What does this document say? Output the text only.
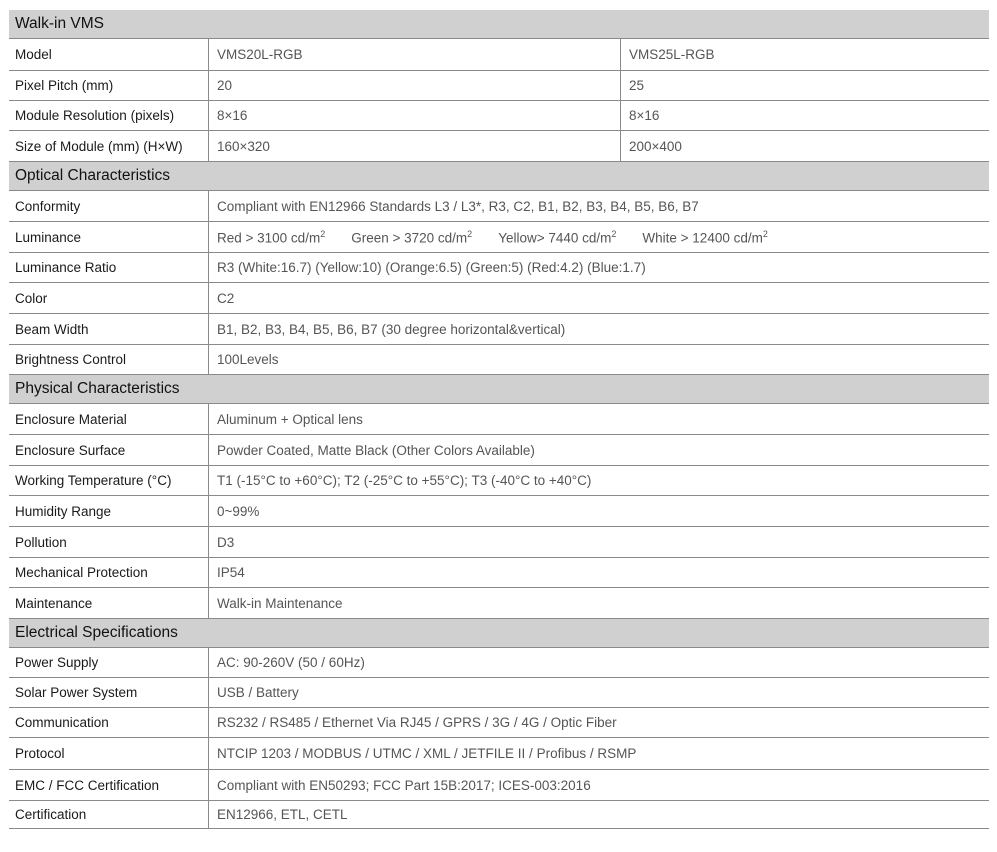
Walk-in VMS
Model	VMS20L-RGB	VMS25L-RGB
Pixel Pitch (mm)	20	25
Module Resolution (pixels)	8×16	8×16
Size of Module (mm) (H×W)	160×320	200×400
Optical Characteristics
Conformity	Compliant with EN12966 Standards L3 / L3*, R3, C2, B1, B2, B3, B4, B5, B6, B7
Luminance	Red > 3100 $cd/m^2$ Green > 3720 $cd/m^2$ Yellow> 7440 $cd/m^2$ White > 12400 $cd/m^2$
Luminance Ratio	R3 (White:16.7) (Yellow:10) (Orange:6.5) (Green:5) (Red:4.2) (Blue:1.7)
Color	C2
Beam Width	B1, B2, B3, B4, B5, B6, B7 (30 degree horizontal&vertical)
Brightness Control	100Levels
Physical Characteristics
Enclosure Material	Aluminum + Optical lens
Enclosure Surface	Powder Coated, Matte Black (Other Colors Available)
Working Temperature (°C)	T1 (-15°C to +60°C); T2 (-25°C to +55°C); T3 (-40°C to +40°C)
Humidity Range	0~99%
Pollution	D3
Mechanical Protection	IP54
Maintenance	Walk-in Maintenance
Electrical Specifications
Power Supply	AC: 90-260V (50 / 60Hz)
Solar Power System	USB / Battery
Communication	RS232 / RS485 / Ethernet Via RJ45 / GPRS / 3G / 4G / Optic Fiber
Protocol	NTCIP 1203 / MODBUS / UTMC / XML / JETFILE II / Profibus / RSMP
EMC / FCC Certification	Compliant with EN50293; FCC Part 15B:2017; ICES-003:2016
Certification	EN12966, ETL, CETL
